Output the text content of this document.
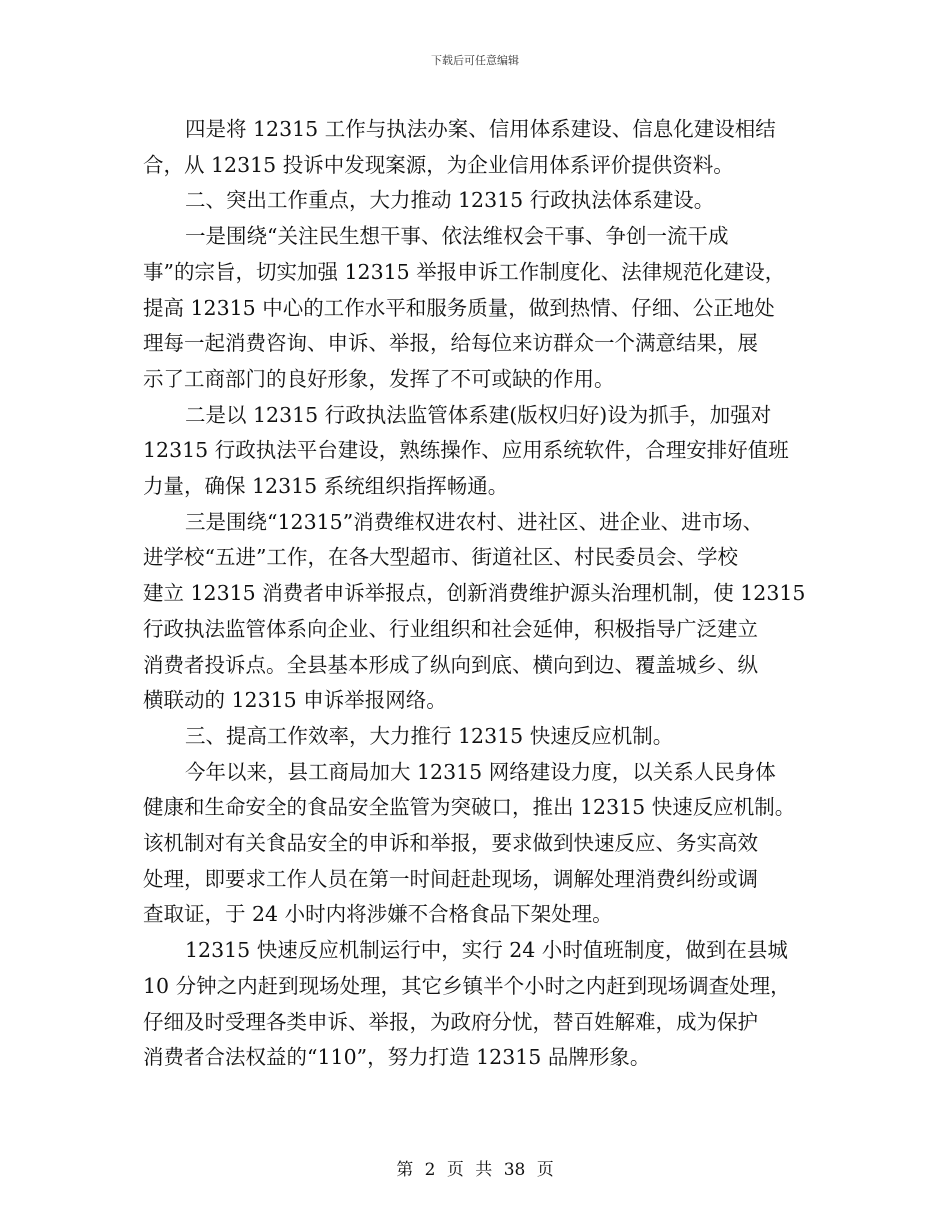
下载后可任意编辑
四是将 12315 工作与执法办案、信用体系建设、信息化建设相结
合，从 12315 投诉中发现案源，为企业信用体系评价提供资料。
二、突出工作重点，大力推动 12315 行政执法体系建设。
一是围绕“关注民生想干事、依法维权会干事、争创一流干成
事”的宗旨，切实加强 12315 举报申诉工作制度化、法律规范化建设，
提高 12315 中心的工作水平和服务质量，做到热情、仔细、公正地处
理每一起消费咨询、申诉、举报，给每位来访群众一个满意结果，展
示了工商部门的良好形象，发挥了不可或缺的作用。
二是以 12315 行政执法监管体系建(版权归好)设为抓手，加强对
12315 行政执法平台建设，熟练操作、应用系统软件，合理安排好值班
力量，确保 12315 系统组织指挥畅通。
三是围绕“12315”消费维权进农村、进社区、进企业、进市场、
进学校“五进”工作，在各大型超市、街道社区、村民委员会、学校
建立 12315 消费者申诉举报点，创新消费维护源头治理机制，使 12315
行政执法监管体系向企业、行业组织和社会延伸，积极指导广泛建立
消费者投诉点。全县基本形成了纵向到底、横向到边、覆盖城乡、纵
横联动的 12315 申诉举报网络。
三、提高工作效率，大力推行 12315 快速反应机制。
今年以来，县工商局加大 12315 网络建设力度，以关系人民身体
健康和生命安全的食品安全监管为突破口，推出 12315 快速反应机制。
该机制对有关食品安全的申诉和举报，要求做到快速反应、务实高效
处理，即要求工作人员在第一时间赶赴现场，调解处理消费纠纷或调
查取证，于 24 小时内将涉嫌不合格食品下架处理。
12315 快速反应机制运行中，实行 24 小时值班制度，做到在县城
10 分钟之内赶到现场处理，其它乡镇半个小时之内赶到现场调查处理，
仔细及时受理各类申诉、举报，为政府分忧，替百姓解难，成为保护
消费者合法权益的“110”，努力打造 12315 品牌形象。
第 2 页 共 38 页
